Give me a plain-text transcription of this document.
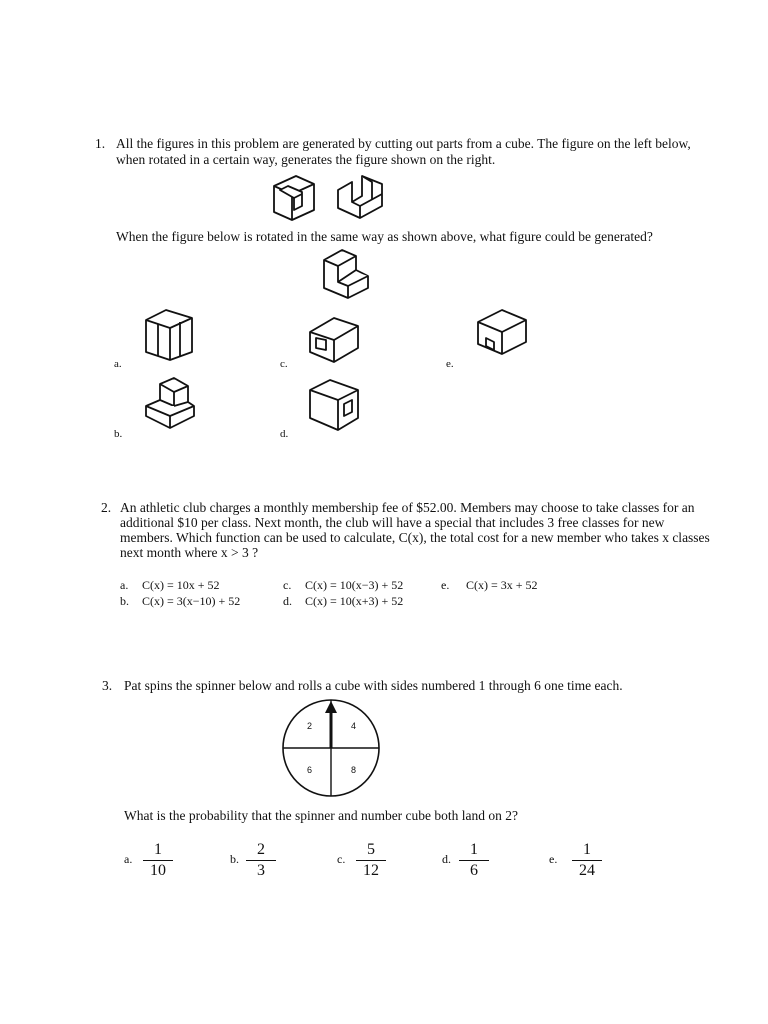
1. All the figures in this problem are generated by cutting out parts from a cube. The figure on the left below,
when rotated in a certain way, generates the figure shown on the right.
When the figure below is rotated in the same way as shown above, what figure could be generated?
a.	c.	e.
b.	d.
2. An athletic club charges a monthly membership fee of $52.00. Members may choose to take classes for an
additional $10 per class. Next month, the club will have a special that includes 3 free classes for new
members. Which function can be used to calculate, C(x), the total cost for a new member who takes x classes
next month where x > 3 ?
a. C(x) = 10x + 52
b. C(x) = 3(x−10) + 52
c. C(x) = 10(x−3) + 52
d. C(x) = 10(x+3) + 52
e. C(x) = 3x + 52
3. Pat spins the spinner below and rolls a cube with sides numbered 1 through 6 one time each.
2	4
6	8
What is the probability that the spinner and number cube both land on 2?
a. $\frac{1}{10}$	b. $\frac{2}{3}$	c. $\frac{5}{12}$	d. $\frac{1}{6}$	e. $\frac{1}{24}$
